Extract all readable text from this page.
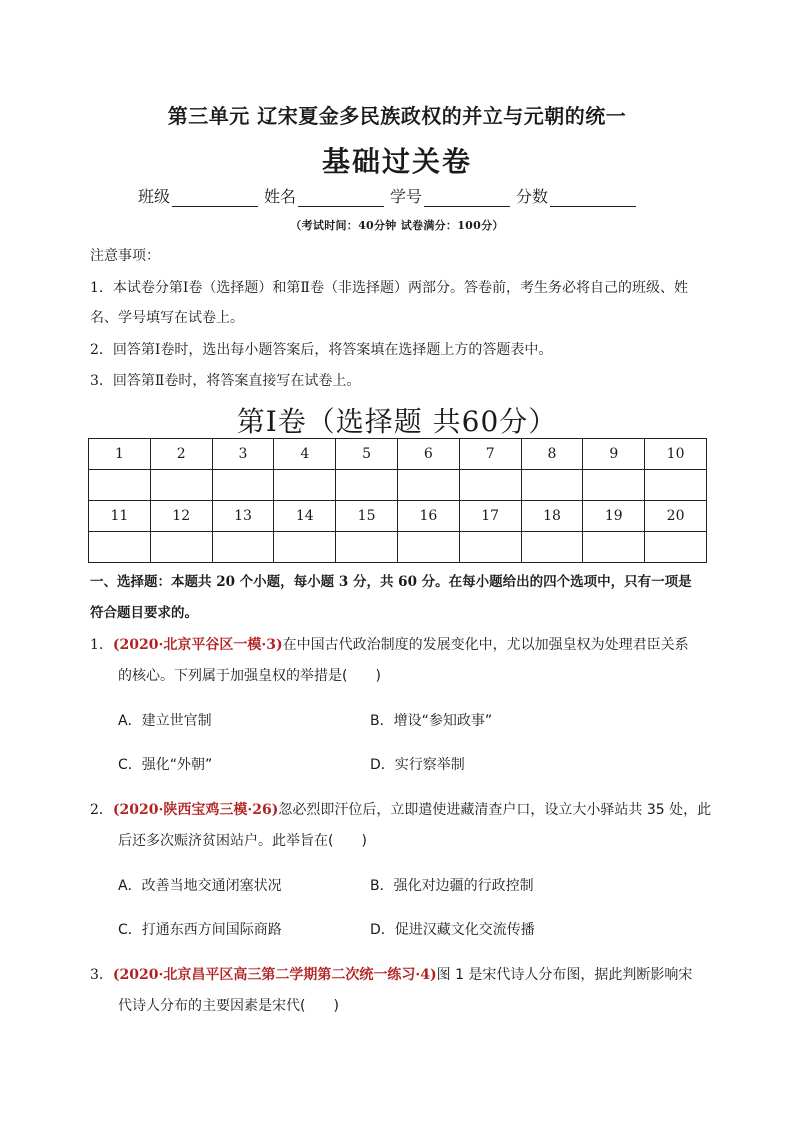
第三单元 辽宋夏金多民族政权的并立与元朝的统一
基础过关卷
班级	姓名	学号	分数
（考试时间：40分钟 试卷满分：100分）
注意事项：
1．本试卷分第Ⅰ卷（选择题）和第Ⅱ卷（非选择题）两部分。答卷前，考生务必将自己的班级、姓
名、学号填写在试卷上。
2．回答第Ⅰ卷时，选出每小题答案后，将答案填在选择题上方的答题表中。
3．回答第Ⅱ卷时，将答案直接写在试卷上。
第Ⅰ卷（选择题 共60分）
1	2	3	4	5	6	7	8	9	10

11	12	13	14	15	16	17	18	19	20

一、选择题：本题共 20 个小题，每小题 3 分，共 60 分。在每小题给出的四个选项中，只有一项是
符合题目要求的。
1．(2020·北京平谷区一模·3)在中国古代政治制度的发展变化中，尤以加强皇权为处理君臣关系
的核心。下列属于加强皇权的举措是(　　)
A．建立世官制	B．增设“参知政事”
C．强化“外朝”	D．实行察举制
2．(2020·陕西宝鸡三模·26)忽必烈即汗位后，立即遣使进藏清查户口，设立大小驿站共 35 处，此
后还多次赈济贫困站户。此举旨在(　　)
A．改善当地交通闭塞状况	B．强化对边疆的行政控制
C．打通东西方间国际商路	D．促进汉藏文化交流传播
3．(2020·北京昌平区高三第二学期第二次统一练习·4)图 1 是宋代诗人分布图，据此判断影响宋
代诗人分布的主要因素是宋代(　　)
